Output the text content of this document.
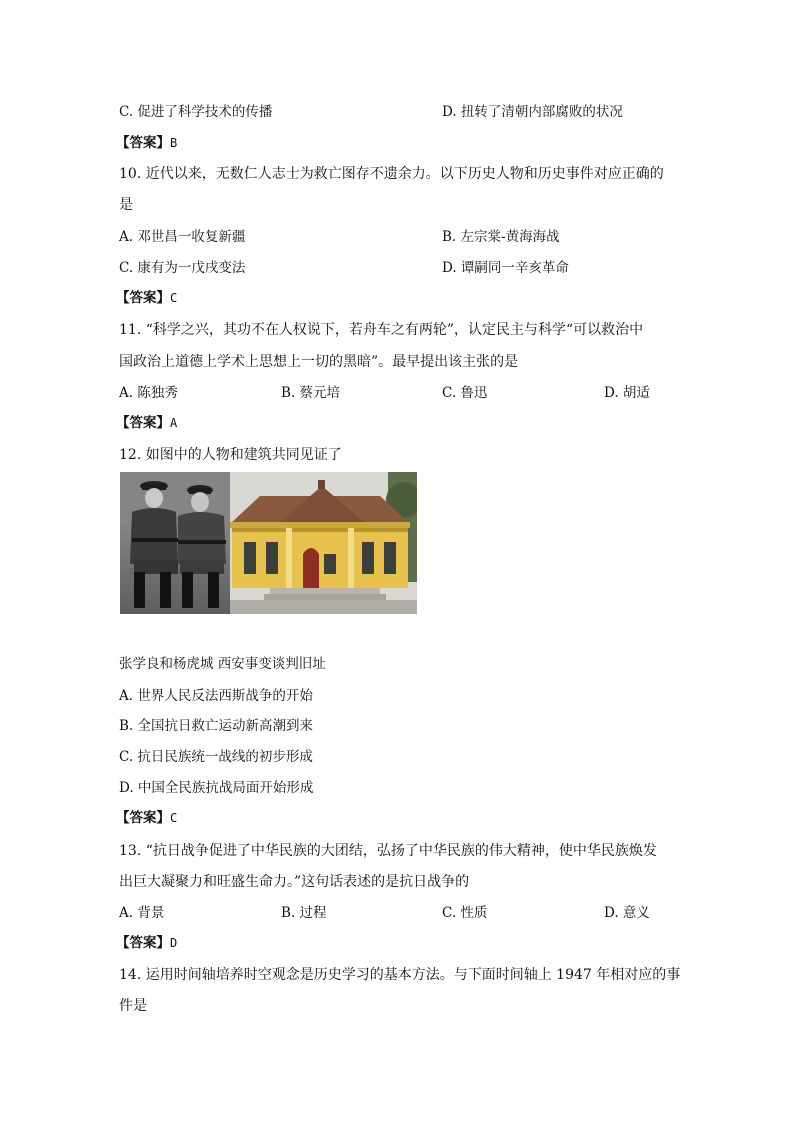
C. 促进了科学技术的传播	D. 扭转了清朝内部腐败的状况
【答案】B
10. 近代以来，无数仁人志士为救亡图存不遗余力。以下历史人物和历史事件对应正确的
是
A. 邓世昌一收复新疆	B. 左宗棠-黄海海战
C. 康有为一戊戌变法	D. 谭嗣同一辛亥革命
【答案】C
11. “科学之兴，其功不在人权说下，若舟车之有两轮”，认定民主与科学“可以救治中
国政治上道德上学术上思想上一切的黑暗”。最早提出该主张的是
A. 陈独秀	B. 蔡元培	C. 鲁迅	D. 胡适
【答案】A
12. 如图中的人物和建筑共同见证了
张学良和杨虎城 西安事变谈判旧址
A. 世界人民反法西斯战争的开始
B. 全国抗日救亡运动新高潮到来
C. 抗日民族统一战线的初步形成
D. 中国全民族抗战局面开始形成
【答案】C
13. “抗日战争促进了中华民族的大团结，弘扬了中华民族的伟大精神，使中华民族焕发
出巨大凝聚力和旺盛生命力。”这句话表述的是抗日战争的
A. 背景	B. 过程	C. 性质	D. 意义
【答案】D
14. 运用时间轴培养时空观念是历史学习的基本方法。与下面时间轴上 1947 年相对应的事
件是
